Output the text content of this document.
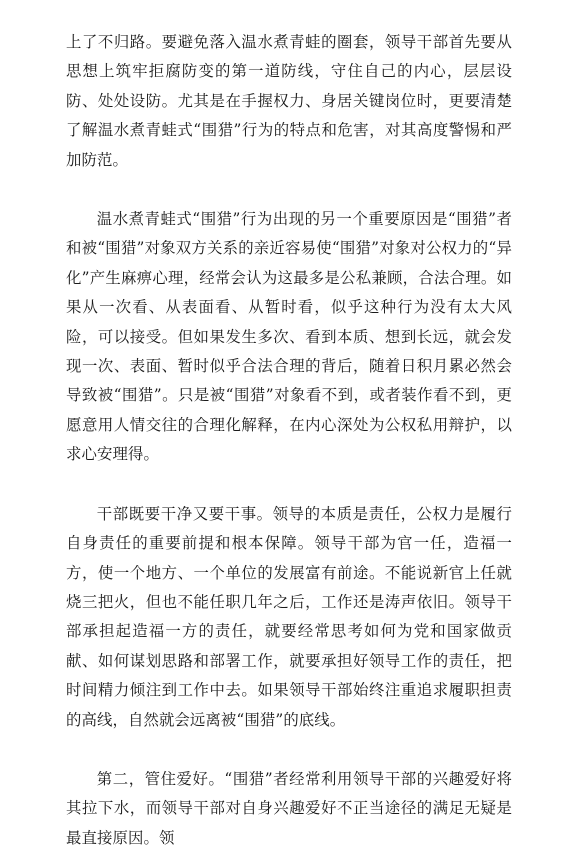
上了不归路。要避免落入温水煮青蛙的圈套，领导干部首先要从思想上筑牢拒腐防变的第一道防线，守住自己的内心，层层设防、处处设防。尤其是在手握权力、身居关键岗位时，更要清楚了解温水煮青蛙式“围猎”行为的特点和危害，对其高度警惕和严加防范。

温水煮青蛙式“围猎”行为出现的另一个重要原因是“围猎”者和被“围猎”对象双方关系的亲近容易使“围猎”对象对公权力的“异化”产生麻痹心理，经常会认为这最多是公私兼顾，合法合理。如果从一次看、从表面看、从暂时看，似乎这种行为没有太大风险，可以接受。但如果发生多次、看到本质、想到长远，就会发现一次、表面、暂时似乎合法合理的背后，随着日积月累必然会导致被“围猎”。只是被“围猎”对象看不到，或者装作看不到，更愿意用人情交往的合理化解释，在内心深处为公权私用辩护，以求心安理得。

干部既要干净又要干事。领导的本质是责任，公权力是履行自身责任的重要前提和根本保障。领导干部为官一任，造福一方，使一个地方、一个单位的发展富有前途。不能说新官上任就烧三把火，但也不能任职几年之后，工作还是涛声依旧。领导干部承担起造福一方的责任，就要经常思考如何为党和国家做贡献、如何谋划思路和部署工作，就要承担好领导工作的责任，把时间精力倾注到工作中去。如果领导干部始终注重追求履职担责的高线，自然就会远离被“围猎”的底线。

第二，管住爱好。“围猎”者经常利用领导干部的兴趣爱好将其拉下水，而领导干部对自身兴趣爱好不正当途径的满足无疑是最直接原因。领
